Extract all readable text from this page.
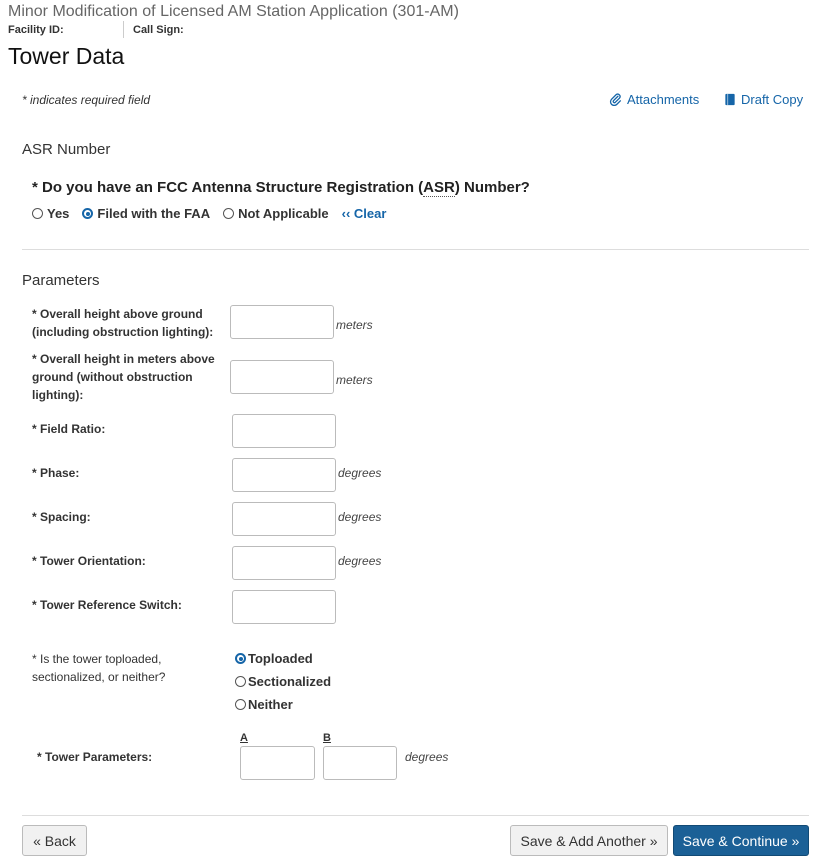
Minor Modification of Licensed AM Station Application (301-AM)
Facility ID:	Call Sign:
Tower Data
* indicates required field	Attachments	Draft Copy
ASR Number
* Do you have an FCC Antenna Structure Registration (ASR) Number?
Yes Filed with the FAA Not Applicable ‹‹ Clear
Parameters
* Overall height above ground (including obstruction lighting):	meters
* Overall height in meters above ground (without obstruction lighting):
meters
* Field Ratio:
* Phase:	degrees
* Spacing:	degrees
* Tower Orientation:	degrees
* Tower Reference Switch:
* Is the tower toploaded, sectionalized, or neither?
Toploaded
Sectionalized
Neither
A	B
* Tower Parameters:	degrees
« Back	Save & Add Another »	Save & Continue »
